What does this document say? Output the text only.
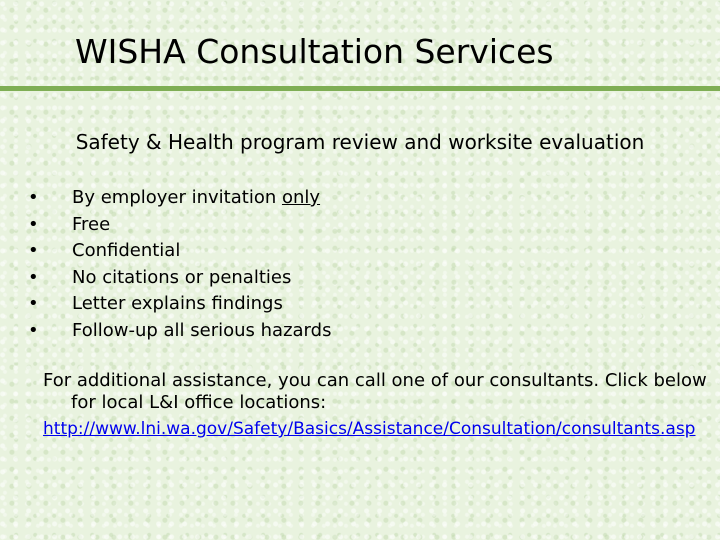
WISHA Consultation Services
Safety & Health program review and worksite evaluation
• By employer invitation only
• Free
• Confidential
• No citations or penalties
• Letter explains findings
• Follow-up all serious hazards
For additional assistance, you can call one of our consultants. Click below for local L&I office locations:
http://www.lni.wa.gov/Safety/Basics/Assistance/Consultation/consultants.asp
